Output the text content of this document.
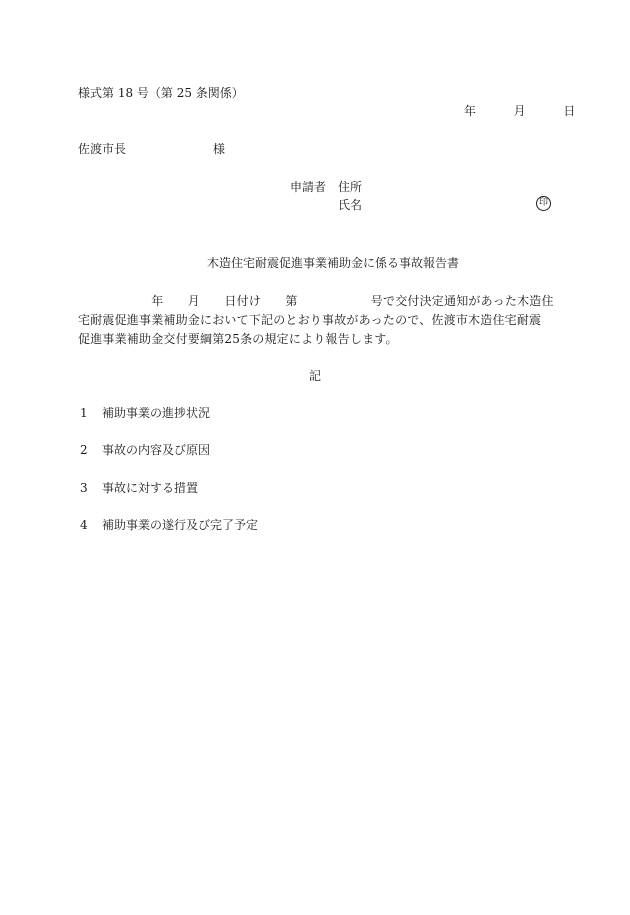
様式第 18 号（第 25 条関係）
年	月	日
佐渡市長	様
申請者 住所
氏名	印
木造住宅耐震促進事業補助金に係る事故報告書
　　　　　　年　　月　　日付け　　第　　　　　　号で交付決定通知があった木造住
宅耐震促進事業補助金において下記のとおり事故があったので、佐渡市木造住宅耐震
促進事業補助金交付要綱第25条の規定により報告します。
記
1 補助事業の進捗状況
2 事故の内容及び原因
3 事故に対する措置
4 補助事業の遂行及び完了予定
